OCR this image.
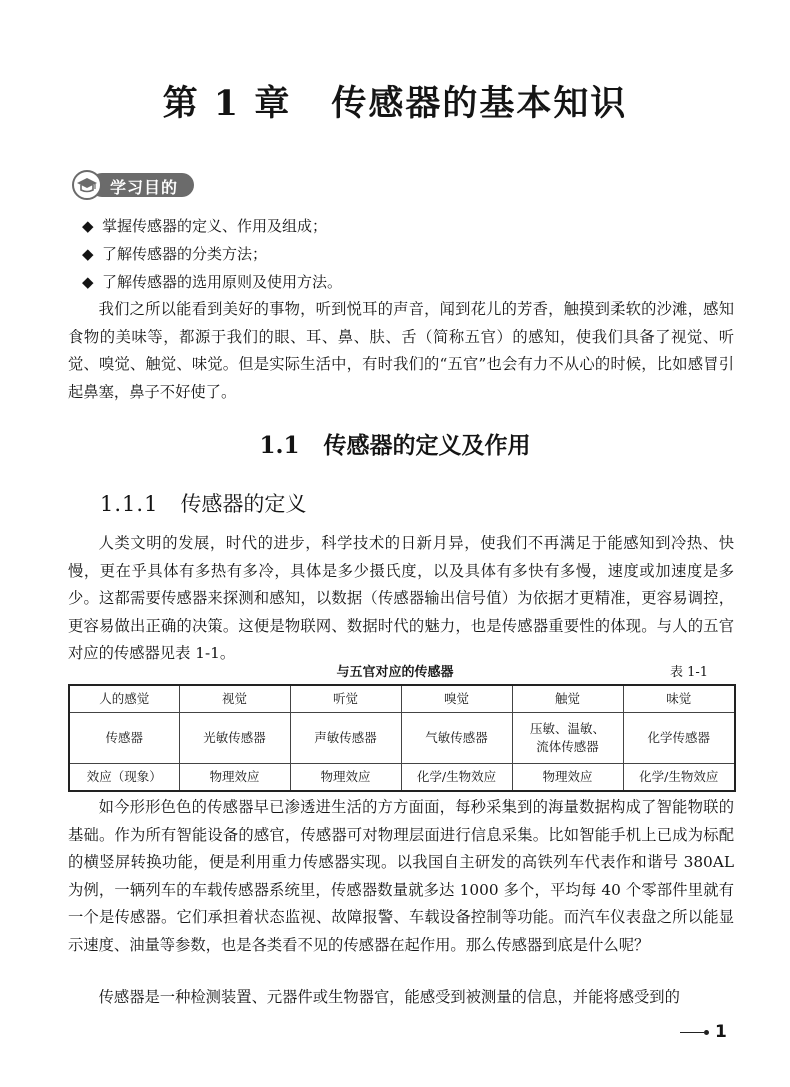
第 1 章 传感器的基本知识
学习目的
◆ 掌握传感器的定义、作用及组成；
◆ 了解传感器的分类方法；
◆ 了解传感器的选用原则及使用方法。
我们之所以能看到美好的事物，听到悦耳的声音，闻到花儿的芳香，触摸到柔软的沙滩，感知食物的美味等，都源于我们的眼、耳、鼻、肤、舌（简称五官）的感知，使我们具备了视觉、听觉、嗅觉、触觉、味觉。但是实际生活中，有时我们的“五官”也会有力不从心的时候，比如感冒引起鼻塞，鼻子不好使了。
1.1 传感器的定义及作用
1.1.1 传感器的定义
人类文明的发展，时代的进步，科学技术的日新月异，使我们不再满足于能感知到冷热、快慢，更在乎具体有多热有多冷，具体是多少摄氏度，以及具体有多快有多慢，速度或加速度是多少。这都需要传感器来探测和感知，以数据（传感器输出信号值）为依据才更精准，更容易调控，更容易做出正确的决策。这便是物联网、数据时代的魅力，也是传感器重要性的体现。与人的五官对应的传感器见表 1-1。
与五官对应的传感器	表 1-1
人的感觉	视觉	听觉	嗅觉	触觉	味觉
传感器	光敏传感器	声敏传感器	气敏传感器	压敏、温敏、流体传感器	化学传感器
效应（现象）	物理效应	物理效应	化学/生物效应	物理效应	化学/生物效应
如今形形色色的传感器早已渗透进生活的方方面面，每秒采集到的海量数据构成了智能物联的基础。作为所有智能设备的感官，传感器可对物理层面进行信息采集。比如智能手机上已成为标配的横竖屏转换功能，便是利用重力传感器实现。以我国自主研发的高铁列车代表作和谐号 380AL 为例，一辆列车的车载传感器系统里，传感器数量就多达 1000 多个，平均每 40 个零部件里就有一个是传感器。它们承担着状态监视、故障报警、车载设备控制等功能。而汽车仪表盘之所以能显示速度、油量等参数，也是各类看不见的传感器在起作用。那么传感器到底是什么呢？
传感器是一种检测装置、元器件或生物器官，能感受到被测量的信息，并能将感受到的
1
